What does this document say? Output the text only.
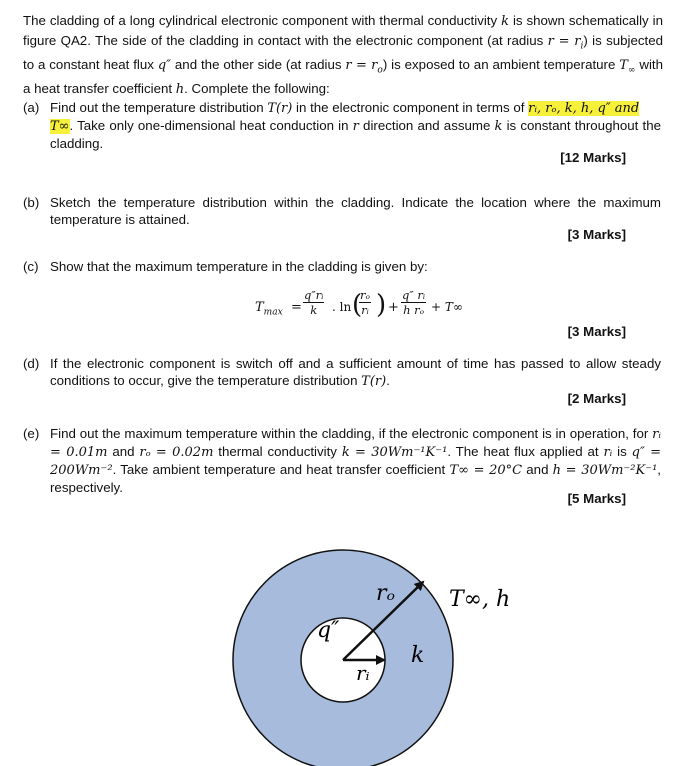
The cladding of a long cylindrical electronic component with thermal conductivity k is shown schematically in figure QA2. The side of the cladding in contact with the electronic component (at radius $r = r_i$) is subjected to a constant heat flux q″ and the other side (at radius $r = r_o$) is exposed to an ambient temperature $T_\infty$ with a heat transfer coefficient h. Complete the following:
(a) Find out the temperature distribution T(r) in the electronic component in terms of rᵢ, rₒ, k, h, q″ and
T∞. Take only one-dimensional heat conduction in r direction and assume k is constant throughout the cladding.
[12 Marks]
(b) Sketch the temperature distribution within the cladding. Indicate the location where the maximum temperature is attained.
[3 Marks]
(c) Show that the maximum temperature in the cladding is given by:
$T_{max} = \frac{\text{q″rᵢ}}{k}$ . ln (
$\frac{\text{rₒ}}{\text{rᵢ}}$ ) + $\frac{\text{q″ rᵢ}}{\text{h rₒ}} + T\infty$
[3 Marks]
(d) If the electronic component is switch off and a sufficient amount of time has passed to allow steady conditions to occur, give the temperature distribution T(r).
[2 Marks]
(e) Find out the maximum temperature within the cladding, if the electronic component is in operation, for rᵢ = 0.01m and rₒ = 0.02m thermal conductivity k = 30Wm⁻¹K⁻¹. The heat flux applied at rᵢ is q″ = 200Wm⁻². Take ambient temperature and heat transfer coefficient T∞ = 20°C and h = 30Wm⁻²K⁻¹, respectively.
[5 Marks]
q″
rᵢ
rₒ
k
T∞, h
